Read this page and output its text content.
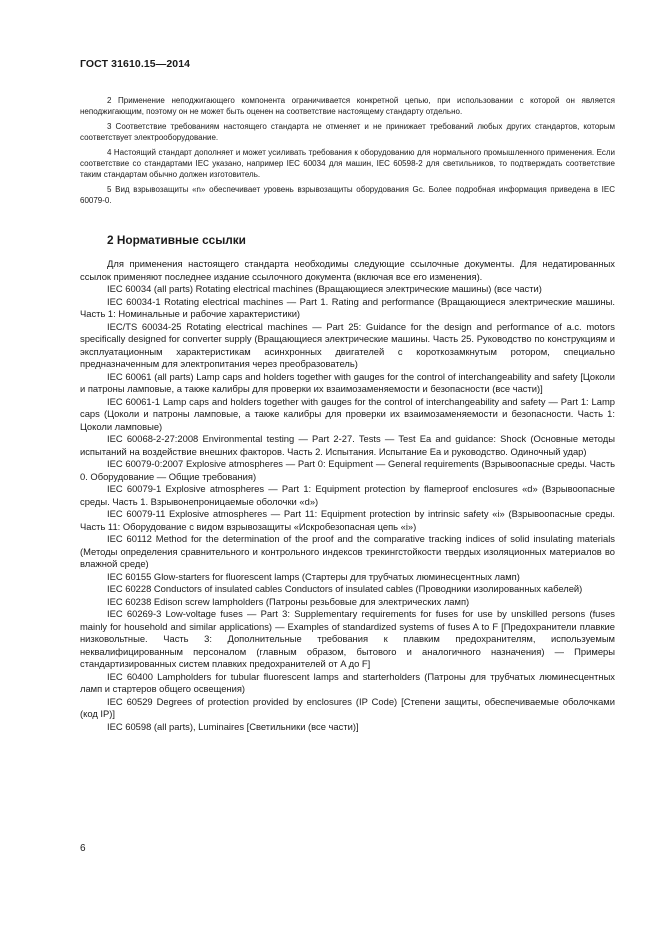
ГОСТ 31610.15—2014

2 Применение неподжигающего компонента ограничивается конкретной цепью, при использовании с которой он является неподжигающим, поэтому он не может быть оценен на соответствие настоящему стандарту отдельно.

3 Соответствие требованиям настоящего стандарта не отменяет и не принижает требований любых других стандартов, которым соответствует электрооборудование.

4 Настоящий стандарт дополняет и может усиливать требования к оборудованию для нормального промышленного применения. Если соответствие со стандартами IEC указано, например IEC 60034 для машин, IEC 60598-2 для светильников, то подтверждать соответствие таким стандартам обычно должен изготовитель.

5 Вид взрывозащиты «n» обеспечивает уровень взрывозащиты оборудования Gc. Более подробная информация приведена в IEC 60079-0.

2 Нормативные ссылки

Для применения настоящего стандарта необходимы следующие ссылочные документы. Для недатированных ссылок применяют последнее издание ссылочного документа (включая все его изменения).

IEC 60034 (all parts) Rotating electrical machines (Вращающиеся электрические машины) (все части)

IEC 60034-1 Rotating electrical machines — Part 1. Rating and performance (Вращающиеся электрические машины. Часть 1: Номинальные и рабочие характеристики)

IEC/TS 60034-25 Rotating electrical machines — Part 25: Guidance for the design and performance of a.c. motors specifically designed for converter supply (Вращающиеся электрические машины. Часть 25. Руководство по конструкциям и эксплуатационным характеристикам асинхронных двигателей с короткозамкнутым ротором, специально предназначенным для электропитания через преобразователь)

IEC 60061 (all parts) Lamp caps and holders together with gauges for the control of interchangeability and safety [Цоколи и патроны ламповые, а также калибры для проверки их взаимозаменяемости и безопасности (все части)]

IEC 60061-1 Lamp caps and holders together with gauges for the control of interchangeability and safety — Part 1: Lamp caps (Цоколи и патроны ламповые, а также калибры для проверки их взаимозаменяемости и безопасности. Часть 1: Цоколи ламповые)

IEC 60068-2-27:2008 Environmental testing — Part 2-27. Tests — Test Ea and guidance: Shock (Основные методы испытаний на воздействие внешних факторов. Часть 2. Испытания. Испытание Ea и руководство. Одиночный удар)

IEC 60079-0:2007 Explosive atmospheres — Part 0: Equipment — General requirements (Взрывоопасные среды. Часть 0. Оборудование — Общие требования)

IEC 60079-1 Explosive atmospheres — Part 1: Equipment protection by flameproof enclosures «d» (Взрывоопасные среды. Часть 1. Взрывонепроницаемые оболочки «d»)

IEC 60079-11 Explosive atmospheres — Part 11: Equipment protection by intrinsic safety «i» (Взрывоопасные среды. Часть 11: Оборудование с видом взрывозащиты «Искробезопасная цепь «i»)

IEC 60112 Method for the determination of the proof and the comparative tracking indices of solid insulating materials (Методы определения сравнительного и контрольного индексов трекингстойкости твердых изоляционных материалов во влажной среде)

IEC 60155 Glow-starters for fluorescent lamps (Стартеры для трубчатых люминесцентных ламп)

IEC 60228 Conductors of insulated cables Conductors of insulated cables (Проводники изолированных кабелей)

IEC 60238 Edison screw lampholders (Патроны резьбовые для электрических ламп)

IEC 60269-3 Low-voltage fuses — Part 3: Supplementary requirements for fuses for use by unskilled persons (fuses mainly for household and similar applications) — Examples of standardized systems of fuses A to F [Предохранители плавкие низковольтные. Часть 3: Дополнительные требования к плавким предохранителям, используемым неквалифицированным персоналом (главным образом, бытового и аналогичного назначения) — Примеры стандартизированных систем плавких предохранителей от A до F]

IEC 60400 Lampholders for tubular fluorescent lamps and starterholders (Патроны для трубчатых люминесцентных ламп и стартеров общего освещения)

IEC 60529 Degrees of protection provided by enclosures (IP Code) [Степени защиты, обеспечиваемые оболочками (код IP)]

IEC 60598 (all parts), Luminaires [Светильники (все части)]

6
